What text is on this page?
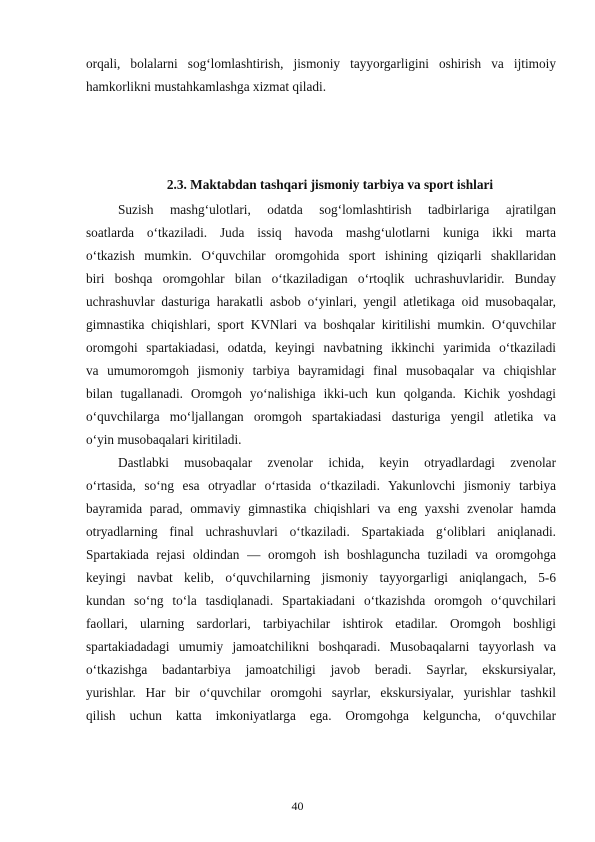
orqali, bolalarni sog‘lomlashtirish, jismoniy tayyorgarligini oshirish va ijtimoiy
hamkorlikni mustahkamlashga xizmat qiladi.
2.3. Maktabdan tashqari jismoniy tarbiya va sport ishlari
Suzish mashg‘ulotlari, odatda sog‘lomlashtirish tadbirlariga ajratilgan
soatlarda o‘tkaziladi. Juda issiq havoda mashg‘ulotlarni kuniga ikki marta
o‘tkazish mumkin. O‘quvchilar oromgohida sport ishining qiziqarli shakllaridan
biri boshqa oromgohlar bilan o‘tkaziladigan o‘rtoqlik uchrashuvlaridir. Bunday
uchrashuvlar dasturiga harakatli asbob o‘yinlari, yengil atletikaga oid musobaqalar,
gimnastika chiqishlari, sport KVNlari va boshqalar kiritilishi mumkin. O‘quvchilar
oromgohi spartakiadasi, odatda, keyingi navbatning ikkinchi yarimida o‘tkaziladi
va umumoromgoh jismoniy tarbiya bayramidagi final musobaqalar va chiqishlar
bilan tugallanadi. Oromgoh yo‘nalishiga ikki-uch kun qolganda. Kichik yoshdagi
o‘quvchilarga mo‘ljallangan oromgoh spartakiadasi dasturiga yengil atletika va
o‘yin musobaqalari kiritiladi.
Dastlabki musobaqalar zvenolar ichida, keyin otryadlardagi zvenolar
o‘rtasida, so‘ng esa otryadlar o‘rtasida o‘tkaziladi. Yakunlovchi jismoniy tarbiya
bayramida parad, ommaviy gimnastika chiqishlari va eng yaxshi zvenolar hamda
otryadlarning final uchrashuvlari o‘tkaziladi. Spartakiada g‘oliblari aniqlanadi.
Spartakiada rejasi oldindan — oromgoh ish boshlaguncha tuziladi va oromgohga
keyingi navbat kelib, o‘quvchilarning jismoniy tayyorgarligi aniqlangach, 5-6
kundan so‘ng to‘la tasdiqlanadi. Spartakiadani o‘tkazishda oromgoh o‘quvchilari
faollari, ularning sardorlari, tarbiyachilar ishtirok etadilar. Oromgoh boshligi
spartakiadadagi umumiy jamoatchilikni boshqaradi. Musobaqalarni tayyorlash va
o‘tkazishga badantarbiya jamoatchiligi javob beradi. Sayrlar, ekskursiyalar,
yurishlar. Har bir o‘quvchilar oromgohi sayrlar, ekskursiyalar, yurishlar tashkil
qilish uchun katta imkoniyatlarga ega. Oromgohga kelguncha, o‘quvchilar
40
